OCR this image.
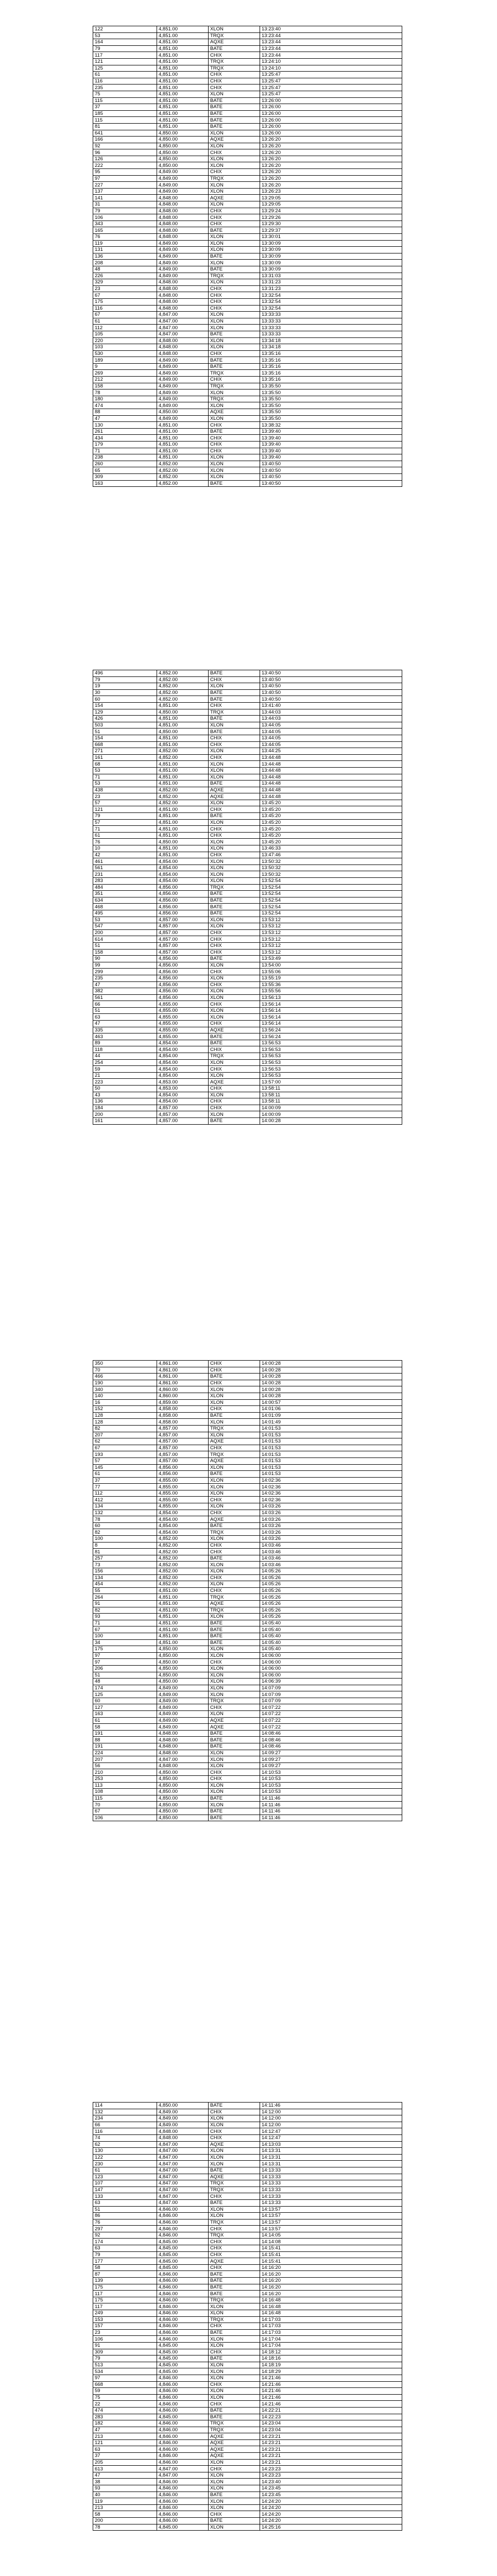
122	4,851.00	XLON	13:23:40
53	4,851.00	TRQX	13:23:44
164	4,851.00	AQXE	13:23:44
79	4,851.00	BATE	13:23:44
117	4,851.00	CHIX	13:23:44
121	4,851.00	TRQX	13:24:10
125	4,851.00	TRQX	13:24:10
61	4,851.00	CHIX	13:25:47
116	4,851.00	CHIX	13:25:47
235	4,851.00	CHIX	13:25:47
75	4,851.00	XLON	13:25:47
115	4,851.00	BATE	13:26:00
37	4,851.00	BATE	13:26:00
185	4,851.00	BATE	13:26:00
115	4,851.00	BATE	13:26:00
81	4,851.00	BATE	13:26:00
641	4,850.00	XLON	13:26:00
166	4,850.00	AQXE	13:26:20
92	4,850.00	XLON	13:26:20
96	4,850.00	CHIX	13:26:20
126	4,850.00	XLON	13:26:20
222	4,850.00	XLON	13:26:20
95	4,849.00	CHIX	13:26:20
97	4,849.00	TRQX	13:26:20
227	4,849.00	XLON	13:26:20
137	4,849.00	XLON	13:26:23
141	4,848.00	AQXE	13:29:05
31	4,848.00	XLON	13:29:05
79	4,848.00	CHIX	13:29:24
106	4,848.00	CHIX	13:29:26
343	4,848.00	CHIX	13:29:30
165	4,848.00	BATE	13:29:37
76	4,848.00	XLON	13:30:01
119	4,849.00	XLON	13:30:09
131	4,849.00	XLON	13:30:09
136	4,849.00	BATE	13:30:09
208	4,849.00	XLON	13:30:09
48	4,849.00	BATE	13:30:09
226	4,849.00	TRQX	13:31:03
329	4,848.00	XLON	13:31:23
23	4,848.00	CHIX	13:31:23
67	4,848.00	CHIX	13:32:54
175	4,848.00	CHIX	13:32:54
116	4,848.00	CHIX	13:32:54
67	4,847.00	XLON	13:33:33
61	4,847.00	XLON	13:33:33
112	4,847.00	XLON	13:33:33
105	4,847.00	BATE	13:33:33
220	4,848.00	XLON	13:34:18
103	4,848.00	XLON	13:34:18
530	4,848.00	CHIX	13:35:16
189	4,849.00	BATE	13:35:16
9	4,849.00	BATE	13:35:16
269	4,849.00	TRQX	13:35:16
212	4,849.00	CHIX	13:35:16
158	4,849.00	TRQX	13:35:50
78	4,849.00	XLON	13:35:50
180	4,849.00	TRQX	13:35:50
474	4,849.00	XLON	13:35:50
88	4,850.00	AQXE	13:35:50
47	4,849.00	XLON	13:35:50
130	4,851.00	CHIX	13:38:32
261	4,851.00	BATE	13:39:40
434	4,851.00	CHIX	13:39:40
179	4,851.00	CHIX	13:39:40
71	4,851.00	CHIX	13:39:40
238	4,851.00	XLON	13:39:40
260	4,852.00	XLON	13:40:50
65	4,852.00	XLON	13:40:50
309	4,852.00	XLON	13:40:50
163	4,852.00	BATE	13:40:50
496	4,852.00	BATE	13:40:50
79	4,852.00	CHIX	13:40:50
19	4,852.00	XLON	13:40:50
30	4,852.00	BATE	13:40:50
60	4,852.00	BATE	13:40:50
154	4,851.00	CHIX	13:41:40
129	4,850.00	TRQX	13:44:03
426	4,851.00	BATE	13:44:03
503	4,851.00	XLON	13:44:05
51	4,850.00	BATE	13:44:05
154	4,851.00	CHIX	13:44:05
668	4,851.00	CHIX	13:44:05
271	4,852.00	XLON	13:44:25
161	4,852.00	CHIX	13:44:48
68	4,851.00	XLON	13:44:48
53	4,851.00	XLON	13:44:48
71	4,851.00	XLON	13:44:48
53	4,851.00	BATE	13:44:48
438	4,852.00	AQXE	13:44:48
23	4,852.00	AQXE	13:44:48
57	4,852.00	XLON	13:45:20
121	4,851.00	CHIX	13:45:20
79	4,851.00	BATE	13:45:20
57	4,851.00	XLON	13:45:20
71	4,851.00	CHIX	13:45:20
61	4,851.00	CHIX	13:45:20
76	4,850.00	XLON	13:45:20
10	4,851.00	XLON	13:46:33
42	4,851.00	CHIX	13:47:46
461	4,854.00	XLON	13:50:32
561	4,854.00	XLON	13:50:32
231	4,854.00	XLON	13:50:32
283	4,854.00	XLON	13:52:54
484	4,856.00	TRQX	13:52:54
351	4,856.00	BATE	13:52:54
634	4,856.00	BATE	13:52:54
468	4,856.00	BATE	13:52:54
495	4,856.00	BATE	13:52:54
53	4,857.00	XLON	13:53:12
547	4,857.00	XLON	13:53:12
200	4,857.00	CHIX	13:53:12
614	4,857.00	CHIX	13:53:12
51	4,857.00	CHIX	13:53:12
158	4,857.00	CHIX	13:53:12
90	4,856.00	BATE	13:53:49
99	4,856.00	XLON	13:54:00
299	4,856.00	CHIX	13:55:06
235	4,856.00	XLON	13:55:19
47	4,856.00	CHIX	13:55:36
382	4,856.00	XLON	13:55:56
561	4,856.00	XLON	13:56:13
66	4,855.00	CHIX	13:56:14
51	4,855.00	XLON	13:56:14
63	4,855.00	XLON	13:56:14
47	4,855.00	CHIX	13:56:14
335	4,855.00	AQXE	13:56:24
463	4,855.00	BATE	13:56:24
89	4,854.00	BATE	13:56:53
118	4,854.00	CHIX	13:56:53
44	4,854.00	TRQX	13:56:53
254	4,854.00	XLON	13:56:53
59	4,854.00	CHIX	13:56:53
21	4,854.00	XLON	13:56:53
223	4,853.00	AQXE	13:57:00
50	4,853.00	CHIX	13:58:11
43	4,854.00	XLON	13:58:11
136	4,854.00	CHIX	13:58:11
184	4,857.00	CHIX	14:00:09
200	4,857.00	XLON	14:00:09
161	4,857.00	BATE	14:00:28
350	4,861.00	CHIX	14:00:28
70	4,861.00	CHIX	14:00:28
466	4,861.00	BATE	14:00:28
190	4,861.00	CHIX	14:00:28
340	4,860.00	XLON	14:00:28
140	4,860.00	XLON	14:00:28
16	4,859.00	XLON	14:00:57
152	4,858.00	CHIX	14:01:06
128	4,858.00	BATE	14:01:09
128	4,858.00	XLON	14:01:49
82	4,857.00	TRQX	14:01:53
207	4,857.00	XLON	14:01:53
62	4,857.00	AQXE	14:01:53
67	4,857.00	CHIX	14:01:53
193	4,857.00	TRQX	14:01:53
57	4,857.00	AQXE	14:01:53
145	4,856.00	XLON	14:01:53
61	4,856.00	BATE	14:01:53
37	4,855.00	XLON	14:02:36
77	4,855.00	XLON	14:02:36
112	4,855.00	XLON	14:02:36
412	4,855.00	CHIX	14:02:36
134	4,855.00	XLON	14:03:26
132	4,854.00	CHIX	14:03:26
78	4,854.00	AQXE	14:03:26
60	4,854.00	BATE	14:03:26
82	4,854.00	TRQX	14:03:26
100	4,852.00	XLON	14:03:26
8	4,852.00	CHIX	14:03:46
81	4,852.00	CHIX	14:03:46
257	4,852.00	BATE	14:03:46
73	4,852.00	XLON	14:03:46
156	4,852.00	XLON	14:05:26
134	4,852.00	CHIX	14:05:26
454	4,852.00	XLON	14:05:26
55	4,851.00	CHIX	14:05:26
264	4,851.00	TRQX	14:05:26
91	4,851.00	AQXE	14:05:26
82	4,851.00	TRQX	14:05:26
93	4,851.00	XLON	14:05:26
71	4,851.00	BATE	14:05:40
67	4,851.00	BATE	14:05:40
100	4,851.00	BATE	14:05:40
34	4,851.00	BATE	14:05:40
175	4,850.00	XLON	14:05:40
97	4,850.00	XLON	14:06:00
97	4,850.00	CHIX	14:06:00
206	4,850.00	XLON	14:06:00
51	4,850.00	XLON	14:06:00
48	4,850.00	XLON	14:06:39
174	4,849.00	XLON	14:07:09
125	4,849.00	XLON	14:07:09
60	4,849.00	TRQX	14:07:09
127	4,849.00	CHIX	14:07:22
163	4,849.00	XLON	14:07:22
61	4,849.00	AQXE	14:07:22
58	4,849.00	AQXE	14:07:22
191	4,848.00	BATE	14:08:46
88	4,848.00	BATE	14:08:46
191	4,848.00	BATE	14:08:46
224	4,848.00	XLON	14:09:27
207	4,847.00	XLON	14:09:27
56	4,848.00	XLON	14:09:27
210	4,850.00	CHIX	14:10:53
253	4,850.00	CHIX	14:10:53
113	4,850.00	XLON	14:10:53
108	4,850.00	XLON	14:10:53
115	4,850.00	BATE	14:11:46
70	4,850.00	XLON	14:11:46
67	4,850.00	BATE	14:11:46
106	4,850.00	BATE	14:11:46
114	4,850.00	BATE	14:11:46
132	4,849.00	CHIX	14:12:00
234	4,849.00	XLON	14:12:00
66	4,849.00	XLON	14:12:00
116	4,848.00	CHIX	14:12:47
74	4,848.00	CHIX	14:12:47
62	4,847.00	AQXE	14:13:03
130	4,847.00	XLON	14:13:31
122	4,847.00	XLON	14:13:31
230	4,847.00	XLON	14:13:31
61	4,847.00	BATE	14:13:33
123	4,847.00	AQXE	14:13:33
107	4,847.00	TRQX	14:13:33
147	4,847.00	TRQX	14:13:33
133	4,847.00	CHIX	14:13:33
63	4,847.00	BATE	14:13:33
51	4,846.00	XLON	14:13:57
86	4,846.00	XLON	14:13:57
76	4,846.00	TRQX	14:13:57
297	4,846.00	CHIX	14:13:57
92	4,846.00	TRQX	14:14:05
174	4,845.00	CHIX	14:14:08
63	4,845.00	CHIX	14:15:41
79	4,845.00	CHIX	14:15:41
177	4,845.00	AQXE	14:15:41
58	4,845.00	CHIX	14:16:20
87	4,846.00	BATE	14:16:20
139	4,846.00	BATE	14:16:20
175	4,846.00	BATE	14:16:20
117	4,846.00	BATE	14:16:20
175	4,846.00	TRQX	14:16:48
117	4,846.00	XLON	14:16:48
249	4,846.00	XLON	14:16:48
153	4,846.00	TRQX	14:17:03
157	4,846.00	CHIX	14:17:03
23	4,846.00	BATE	14:17:03
106	4,846.00	XLON	14:17:04
91	4,845.00	XLON	14:17:04
309	4,845.00	CHIX	14:18:12
79	4,845.00	BATE	14:18:16
513	4,845.00	XLON	14:18:19
534	4,845.00	XLON	14:18:29
97	4,846.00	XLON	14:21:46
668	4,846.00	CHIX	14:21:46
59	4,846.00	XLON	14:21:46
75	4,846.00	XLON	14:21:46
22	4,846.00	CHIX	14:21:46
474	4,846.00	BATE	14:22:21
283	4,845.00	BATE	14:22:23
182	4,846.00	TRQX	14:23:04
47	4,846.00	TRQX	14:23:04
213	4,846.00	AQXE	14:23:21
121	4,846.00	AQXE	14:23:21
63	4,846.00	AQXE	14:23:21
37	4,846.00	AQXE	14:23:21
205	4,846.00	XLON	14:23:21
613	4,847.00	CHIX	14:23:23
47	4,847.00	XLON	14:23:23
38	4,846.00	XLON	14:23:40
93	4,846.00	XLON	14:23:45
40	4,846.00	BATE	14:23:45
119	4,846.00	XLON	14:24:20
213	4,846.00	XLON	14:24:20
58	4,846.00	CHIX	14:24:20
200	4,846.00	BATE	14:24:20
78	4,845.00	XLON	14:25:16
